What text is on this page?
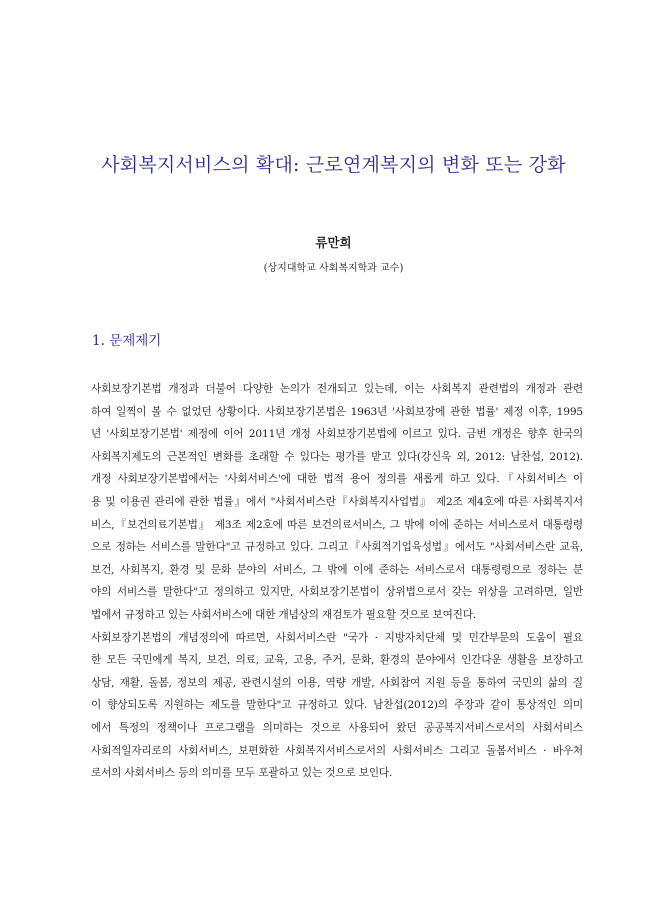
사회복지서비스의 확대: 근로연계복지의 변화 또는 강화
류만희
(상지대학교 사회복지학과 교수)
1. 문제제기
사회보장기본법 개정과 더불어 다양한 논의가 전개되고 있는데, 이는 사회복지 관련법의 개정과 관련
하여 일찍이 볼 수 없었던 상황이다. 사회보장기본법은 1963년 '사회보장에 관한 법률' 제정 이후, 1995
년 '사회보장기본법' 제정에 이어 2011년 개정 사회보장기본법에 이르고 있다. 금번 개정은 향후 한국의
사회복지제도의 근본적인 변화를 초래할 수 있다는 평가를 받고 있다(강신욱 외, 2012: 남찬섭, 2012).
개정 사회보장기본법에서는 '사회서비스'에 대한 법적 용어 정의를 새롭게 하고 있다.『사회서비스 이
용 및 이용권 관리에 관한 법률』에서 "사회서비스란『사회복지사업법』 제2조 제4호에 따른 사회복지서
비스,『보건의료기본법』 제3조 제2호에 따른 보건의료서비스, 그 밖에 이에 준하는 서비스로서 대통령령
으로 정하는 서비스를 말한다"고 규정하고 있다. 그리고『사회적기업육성법』에서도 "사회서비스란 교육,
보건, 사회복지, 환경 및 문화 분야의 서비스, 그 밖에 이에 준하는 서비스로서 대통령령으로 정하는 분
야의 서비스를 말한다"고 정의하고 있지만, 사회보장기본법이 상위법으로서 갖는 위상을 고려하면, 일반
법에서 규정하고 있는 사회서비스에 대한 개념상의 재검토가 필요할 것으로 보여진다.
사회보장기본법의 개념정의에 따르면, 사회서비스란 "국가 · 지방자치단체 및 민간부문의 도움이 필요
한 모든 국민에게 복지, 보건, 의료, 교육, 고용, 주거, 문화, 환경의 분야에서 인간다운 생활을 보장하고
상담, 재활, 돌봄, 정보의 제공, 관련시설의 이용, 역량 개발, 사회참여 지원 등을 통하여 국민의 삶의 질
이 향상되도록 지원하는 제도를 말한다"고 규정하고 있다. 남찬섭(2012)의 주장과 같이 통상적인 의미
에서 특정의 정책이나 프로그램을 의미하는 것으로 사용되어 왔던 공공복지서비스로서의 사회서비스
사회적일자리로의 사회서비스, 보편화한 사회복지서비스로서의 사회서비스 그리고 돌봄서비스 · 바우처
로서의 사회서비스 등의 의미를 모두 포괄하고 있는 것으로 보인다.
